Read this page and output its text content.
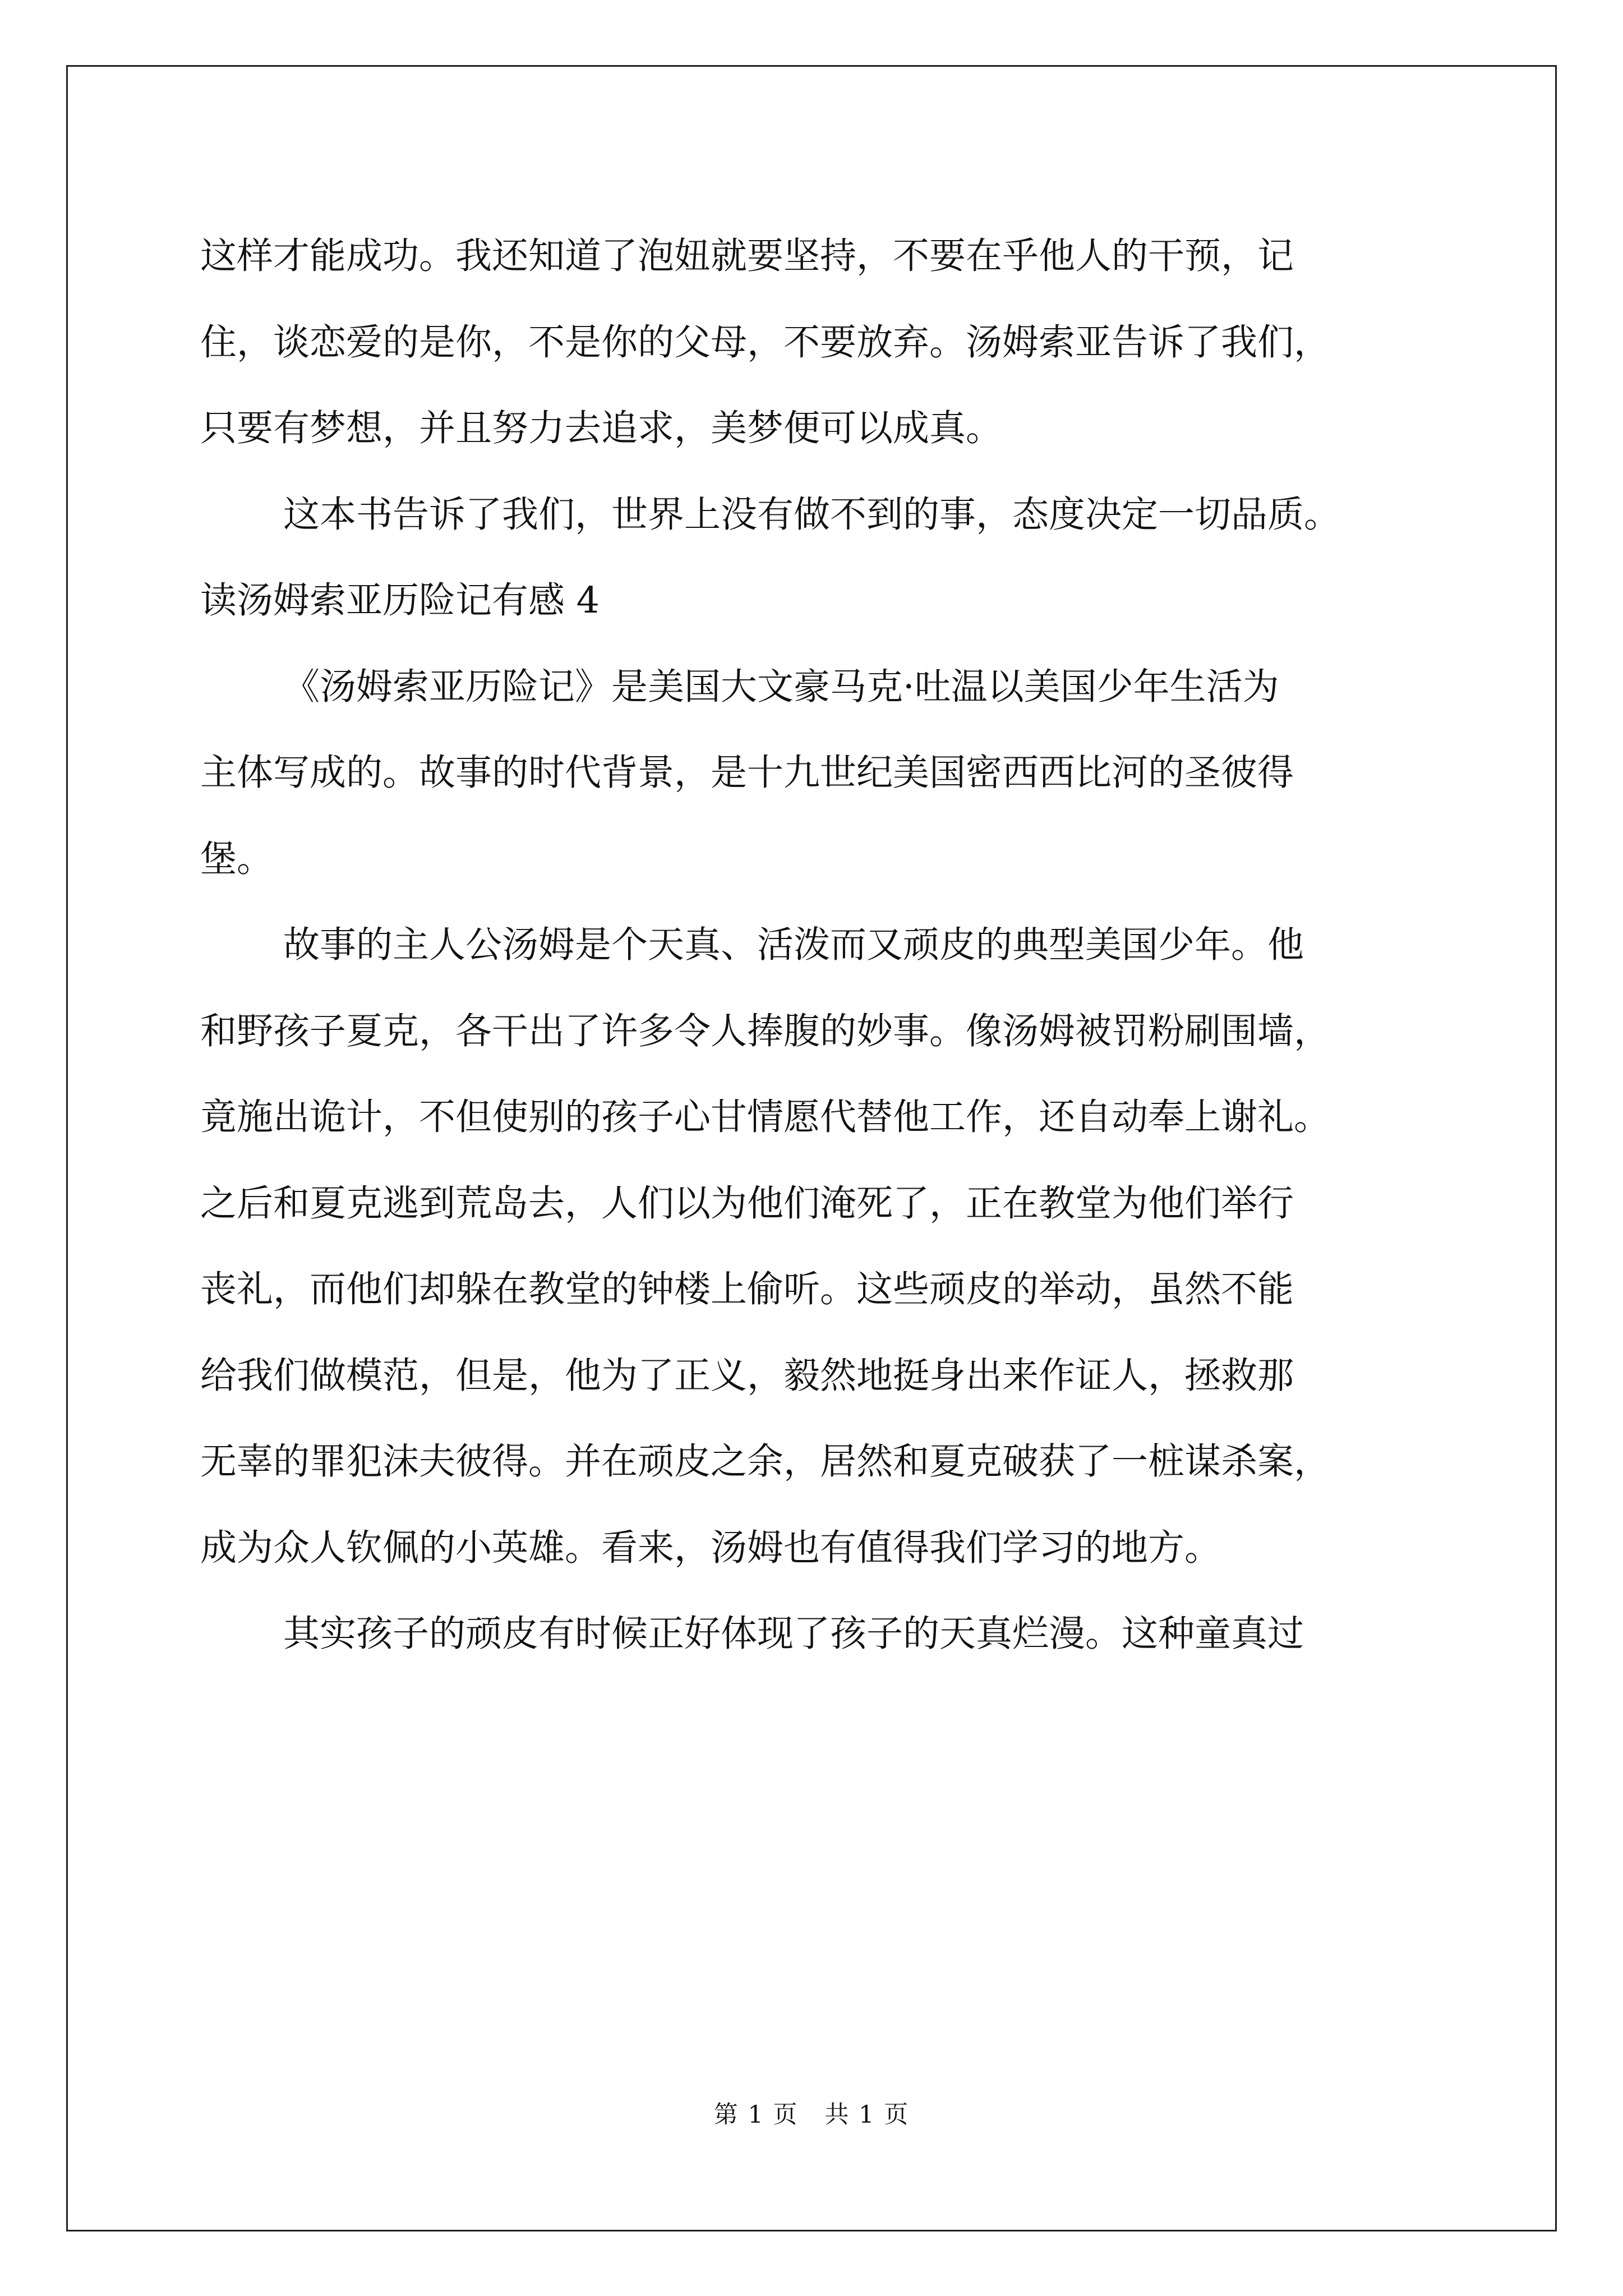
这样才能成功。我还知道了泡妞就要坚持，不要在乎他人的干预，记

住，谈恋爱的是你，不是你的父母，不要放弃。汤姆索亚告诉了我们，

只要有梦想，并且努力去追求，美梦便可以成真。

这本书告诉了我们，世界上没有做不到的事，态度决定一切品质。

读汤姆索亚历险记有感 4

《汤姆索亚历险记》是美国大文豪马克·吐温以美国少年生活为

主体写成的。故事的时代背景，是十九世纪美国密西西比河的圣彼得

堡。

故事的主人公汤姆是个天真、活泼而又顽皮的典型美国少年。他

和野孩子夏克，各干出了许多令人捧腹的妙事。像汤姆被罚粉刷围墙，

竟施出诡计，不但使别的孩子心甘情愿代替他工作，还自动奉上谢礼。

之后和夏克逃到荒岛去，人们以为他们淹死了，正在教堂为他们举行

丧礼，而他们却躲在教堂的钟楼上偷听。这些顽皮的举动，虽然不能

给我们做模范，但是，他为了正义，毅然地挺身出来作证人，拯救那

无辜的罪犯沫夫彼得。并在顽皮之余，居然和夏克破获了一桩谋杀案，

成为众人钦佩的小英雄。看来，汤姆也有值得我们学习的地方。

其实孩子的顽皮有时候正好体现了孩子的天真烂漫。这种童真过

第 1 页   共 1 页
